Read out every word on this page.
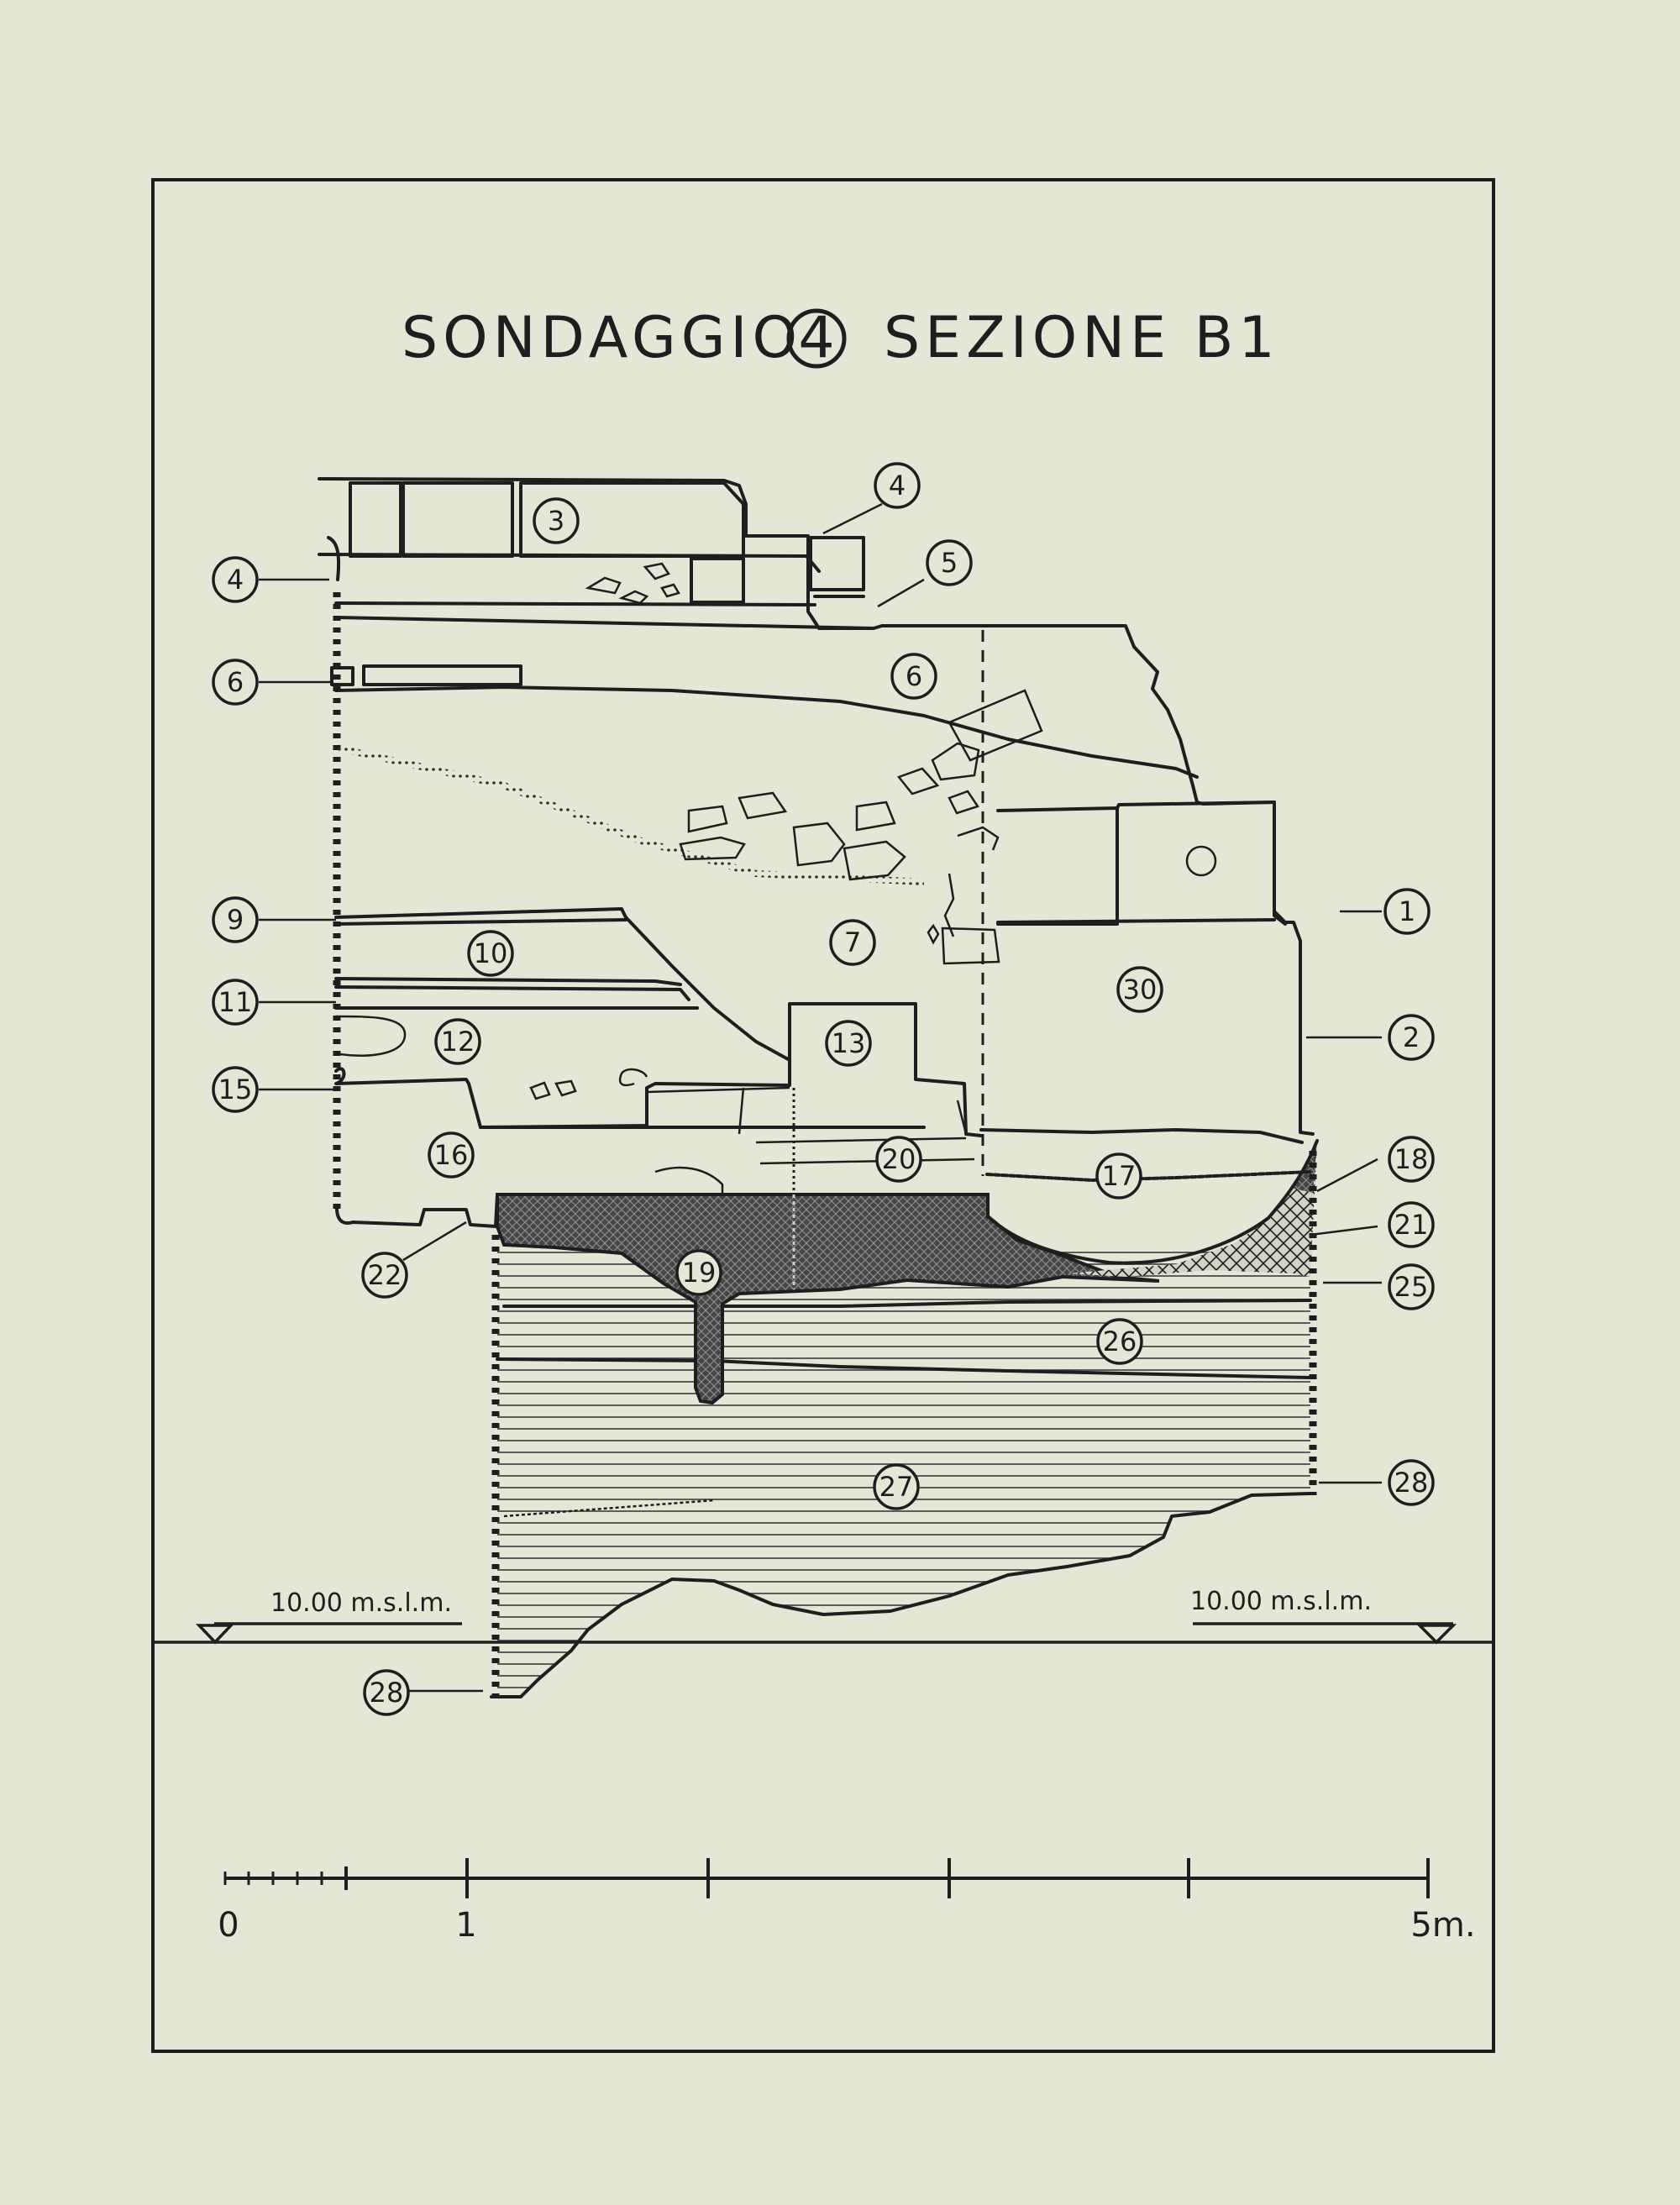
SONDAGGIO
4 SEZIONE B1
10.00 m.s.l.m.	10.00 m.s.l.m.
1
2
3
4
4
5
6
6
7
9
10
11
12	13
15
16
17
18
19
20
21
22	25
26
27	28
28
30
0	1	5m.
